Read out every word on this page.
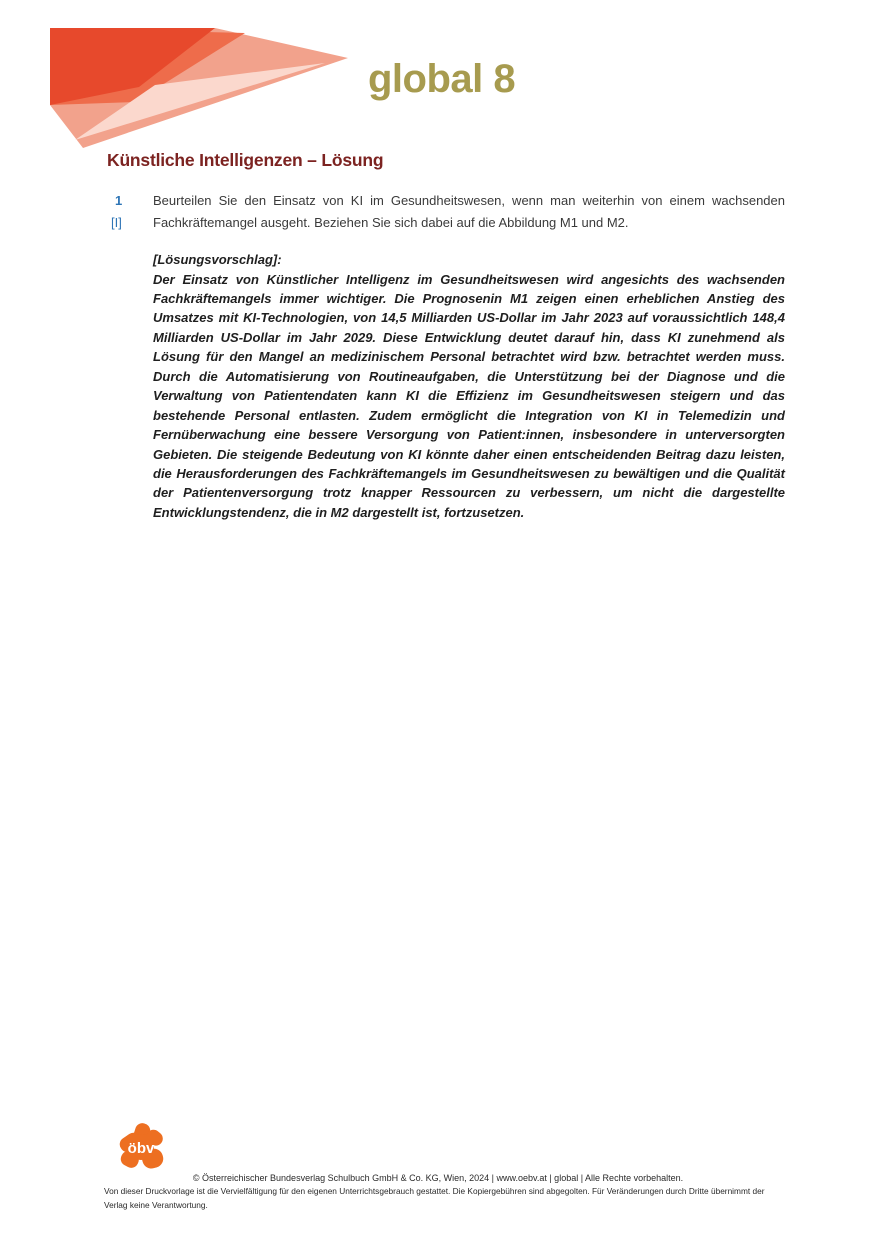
global 8
Künstliche Intelligenzen – Lösung
1
[I]
Beurteilen Sie den Einsatz von KI im Gesundheitswesen, wenn man weiterhin von einem wachsenden Fachkräftemangel ausgeht. Beziehen Sie sich dabei auf die Abbildung M1 und M2.
[Lösungsvorschlag]:
Der Einsatz von Künstlicher Intelligenz im Gesundheitswesen wird angesichts des wachsenden Fachkräftemangels immer wichtiger. Die Prognosenin M1 zeigen einen erheblichen Anstieg des Umsatzes mit KI-Technologien, von 14,5 Milliarden US-Dollar im Jahr 2023 auf voraussichtlich 148,4 Milliarden US-Dollar im Jahr 2029. Diese Entwicklung deutet darauf hin, dass KI zunehmend als Lösung für den Mangel an medizinischem Personal betrachtet wird bzw. betrachtet werden muss. Durch die Automatisierung von Routineaufgaben, die Unterstützung bei der Diagnose und die Verwaltung von Patientendaten kann KI die Effizienz im Gesundheitswesen steigern und das bestehende Personal entlasten. Zudem ermöglicht die Integration von KI in Telemedizin und Fernüberwachung eine bessere Versorgung von Patient:innen, insbesondere in unterversorgten Gebieten. Die steigende Bedeutung von KI könnte daher einen entscheidenden Beitrag dazu leisten, die Herausforderungen des Fachkräftemangels im Gesundheitswesen zu bewältigen und die Qualität der Patientenversorgung trotz knapper Ressourcen zu verbessern, um nicht die dargestellte Entwicklungstendenz, die in M2 dargestellt ist, fortzusetzen.
öbv
© Österreichischer Bundesverlag Schulbuch GmbH & Co. KG, Wien, 2024 | www.oebv.at | global | Alle Rechte vorbehalten.
Von dieser Druckvorlage ist die Vervielfältigung für den eigenen Unterrichtsgebrauch gestattet. Die Kopiergebühren sind abgegolten. Für Veränderungen durch Dritte übernimmt der Verlag keine Verantwortung.
